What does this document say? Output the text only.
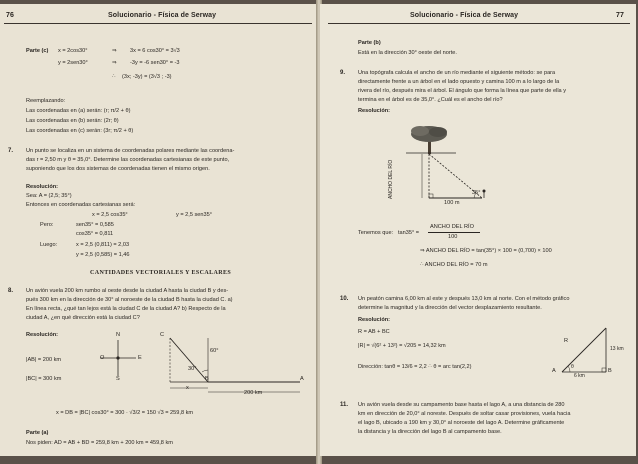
76	Solucionario - Física de Serway
Parte (c) x = 2cos30°	⇒ 3x = 6 cos30° = 3√3
y = 2sen30°	⇒ -3y = -6 sen30° = -3
∴ (3x; -3y) = (3√3 ; -3)
Reemplazando:
Las coordenadas en (a) serán: (r; π/2 + θ)
Las coordenadas en (b) serán: (2r; θ)
Las coordenadas en (c) serán: (3r; π/2 + θ)
7. Un punto se localiza en un sistema de coordenadas polares mediante las coordena-
das r = 2,50 m y θ = 35,0°. Determine las coordenadas cartesianas de este punto,
suponiendo que los dos sistemas de coordenadas tienen el mismo origen.
Resolución:
Sea: A = (2,5; 35°)
Entonces en coordenadas cartesianas será:
x = 2,5 cos35°	y = 2,5 sen35°
Pero:	sen35° = 0,585
cos35° = 0,811
Luego:	x = 2,5 (0,811) = 2,03
y = 2,5 (0,585) = 1,46
CANTIDADES VECTORIALES Y ESCALARES
8. Un avión vuela 200 km rumbo al oeste desde la ciudad A hasta la ciudad B y des-
pués 300 km en la dirección de 30° al noroeste de la ciudad B hasta la ciudad C. a)
En línea recta, ¿qué tan lejos está la ciudad C de la ciudad A? b) Respecto de la
ciudad A, ¿en qué dirección está la ciudad C?
Resolución:
|AB| = 200 km
|BC| = 300 km
N
O	E
S
C
B	A
x
200 km
30°
60°
x = DB = |BC| cos30° = 300 · √3/2 = 150 √3 = 259,8 km
Parte (a)
Nos piden: AD = AB + BD = 259,8 km + 200 km = 459,8 km
Solucionario - Física de Serway	77
Parte (b)
Está en la dirección 30° oeste del norte.
9. Una topógrafa calcula el ancho de un río mediante el siguiente método: se para
directamente frente a un árbol en el lado opuesto y camina 100 m a lo largo de la
rivera del río, después mira el árbol. El ángulo que forma la línea que parte de ella y
termina en el árbol es de 35,0°. ¿Cuál es el ancho del río?
Resolución:
ANCHO DEL RÍO	35°
100 m
Tenemos que: tan35° =
ANCHO DEL RÍO
100
⇒ ANCHO DEL RÍO = tan(35°) × 100 = (0,700) × 100
∴ ANCHO DEL RÍO = 70 m
10. Un peatón camina 6,00 km al este y después 13,0 km al norte. Con el método gráfico
determine la magnitud y la dirección del vector desplazamiento resultante.
Resolución:
R = AB + BC
|R| = √(6² + 13²) = √205 = 14,32 km
Dirección: tanθ = 13/6 = 2,2 ∴ θ = arc tan(2,2)
R
13 km
6 km
A	B
θ
11. Un avión vuela desde su campamento base hasta el lago A, a una distancia de 280
km en dirección de 20,0° al noreste. Después de soltar casar provisiones, vuela hacia
el lago B, ubicado a 190 km y 30,0° al noroeste del lago A. Determine gráficamente
la distancia y la dirección del lago B al campamento base.
